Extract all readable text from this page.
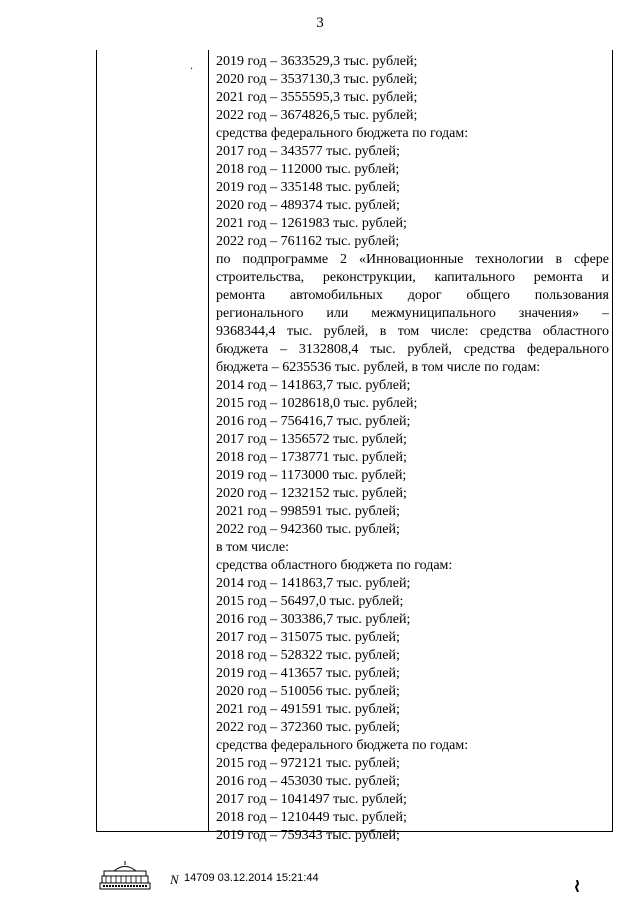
3
. 2019 год – 3633529,3 тыс. рублей;
2020 год – 3537130,3 тыс. рублей;
2021 год – 3555595,3 тыс. рублей;
2022 год – 3674826,5 тыс. рублей;
средства федерального бюджета по годам:
2017 год – 343577 тыс. рублей;
2018 год – 112000 тыс. рублей;
2019 год – 335148 тыс. рублей;
2020 год – 489374 тыс. рублей;
2021 год – 1261983 тыс. рублей;
2022 год – 761162 тыс. рублей;
по подпрограмме 2 «Инновационные технологии в сфере
строительства, реконструкции, капитального ремонта и
ремонта автомобильных дорог общего пользования
регионального или межмуниципального значения» –
9368344,4 тыс. рублей, в том числе: средства областного
бюджета – 3132808,4 тыс. рублей, средства федерального
бюджета – 6235536 тыс. рублей, в том числе по годам:
2014 год – 141863,7 тыс. рублей;
2015 год – 1028618,0 тыс. рублей;
2016 год – 756416,7 тыс. рублей;
2017 год – 1356572 тыс. рублей;
2018 год – 1738771 тыс. рублей;
2019 год – 1173000 тыс. рублей;
2020 год – 1232152 тыс. рублей;
2021 год – 998591 тыс. рублей;
2022 год – 942360 тыс. рублей;
в том числе:
средства областного бюджета по годам:
2014 год – 141863,7 тыс. рублей;
2015 год – 56497,0 тыс. рублей;
2016 год – 303386,7 тыс. рублей;
2017 год – 315075 тыс. рублей;
2018 год – 528322 тыс. рублей;
2019 год – 413657 тыс. рублей;
2020 год – 510056 тыс. рублей;
2021 год – 491591 тыс. рублей;
2022 год – 372360 тыс. рублей;
средства федерального бюджета по годам:
2015 год – 972121 тыс. рублей;
2016 год – 453030 тыс. рублей;
2017 год – 1041497 тыс. рублей;
2018 год – 1210449 тыс. рублей;
2019 год – 759343 тыс. рублей;
N 14709 03.12.2014 15:21:44
